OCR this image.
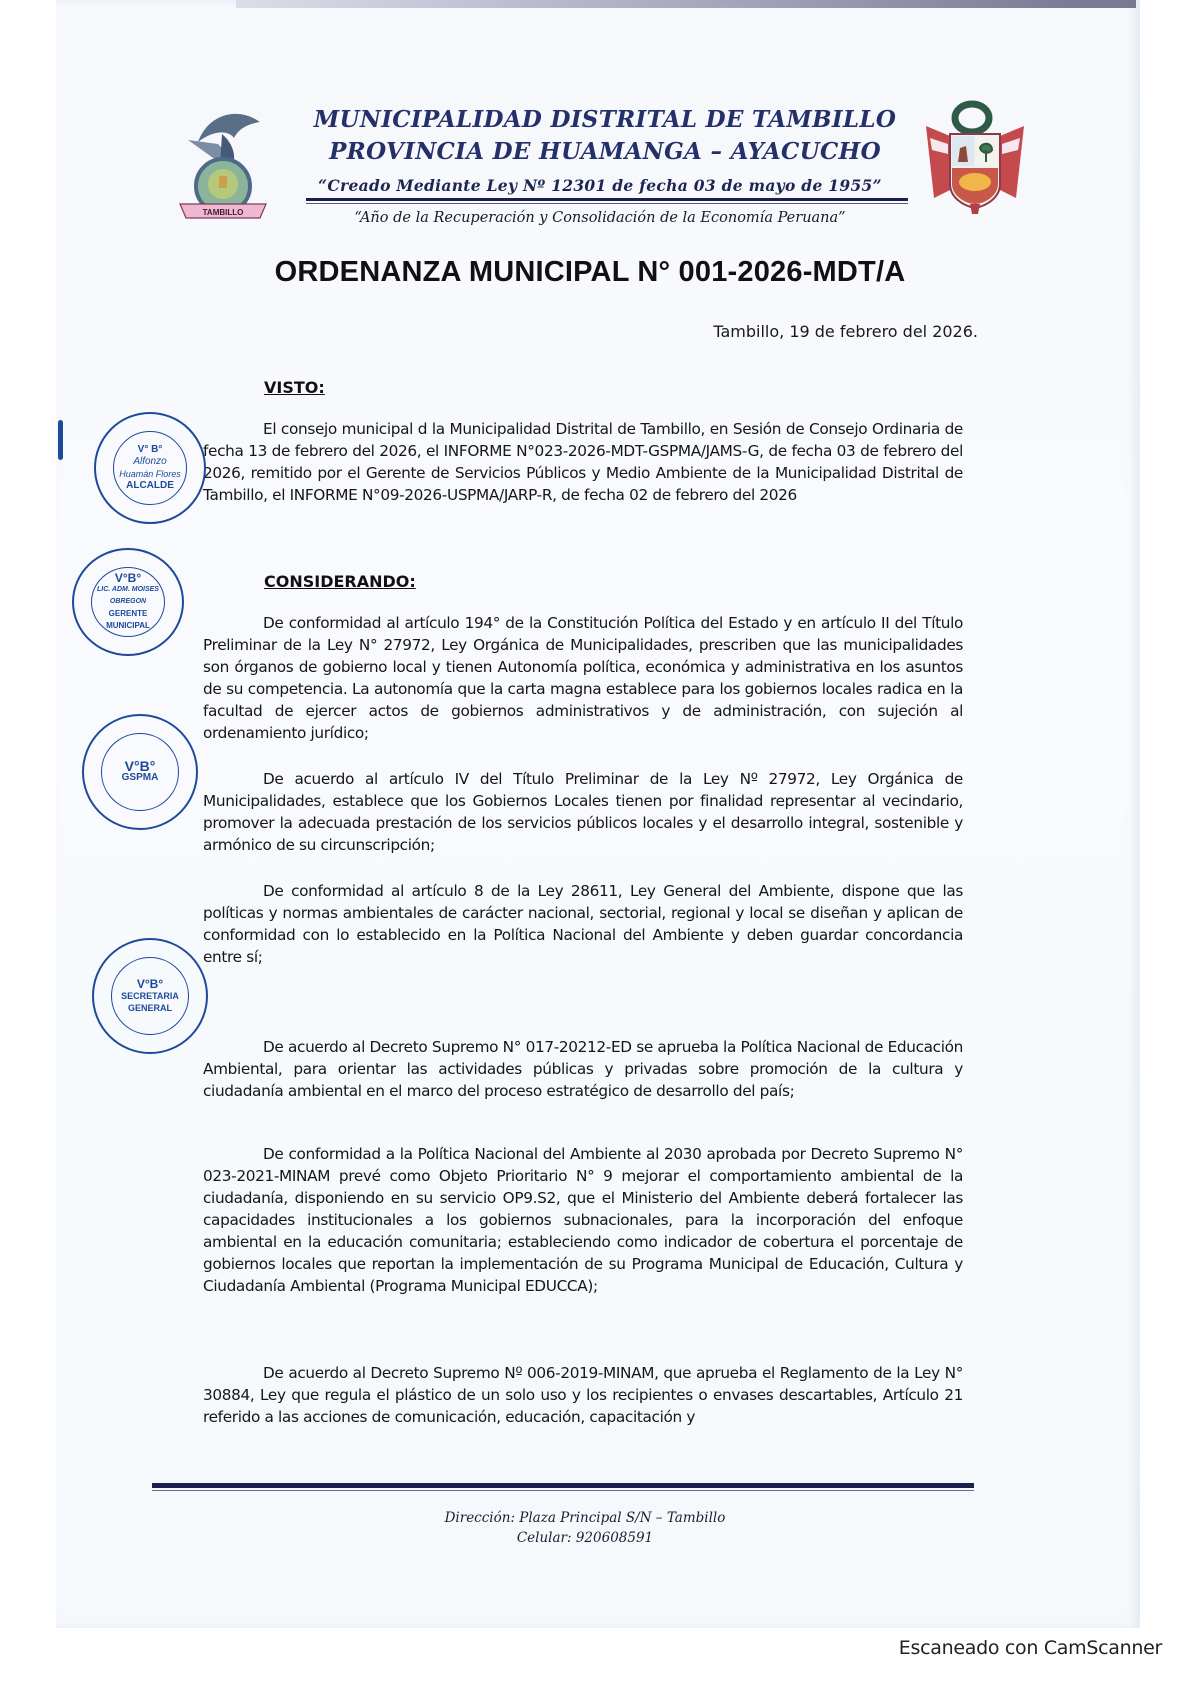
TAMBILLO
MUNICIPALIDAD DISTRITAL DE TAMBILLO
PROVINCIA DE HUAMANGA – AYACUCHO
“Creado Mediante Ley Nº 12301 de fecha 03 de mayo de 1955”
“Año de la Recuperación y Consolidación de la Economía Peruana”
ORDENANZA MUNICIPAL N° 001-2026-MDT/A
Tambillo, 19 de febrero del 2026.
VISTO:
El consejo municipal d la Municipalidad Distrital de Tambillo, en Sesión de Consejo Ordinaria de fecha 13 de febrero del 2026, el INFORME N°023-2026-MDT-GSPMA/JAMS-G, de fecha 03 de febrero del 2026, remitido por el Gerente de Servicios Públicos y Medio Ambiente de la Municipalidad Distrital de Tambillo, el INFORME N°09-2026-USPMA/JARP-R, de fecha 02 de febrero del 2026
CONSIDERANDO:
De conformidad al artículo 194° de la Constitución Política del Estado y en artículo II del Título Preliminar de la Ley N° 27972, Ley Orgánica de Municipalidades, prescriben que las municipalidades son órganos de gobierno local y tienen Autonomía política, económica y administrativa en los asuntos de su competencia. La autonomía que la carta magna establece para los gobiernos locales radica en la facultad de ejercer actos de gobiernos administrativos y de administración, con sujeción al ordenamiento jurídico;
De acuerdo al artículo IV del Título Preliminar de la Ley Nº 27972, Ley Orgánica de Municipalidades, establece que los Gobiernos Locales tienen por finalidad representar al vecindario, promover la adecuada prestación de los servicios públicos locales y el desarrollo integral, sostenible y armónico de su circunscripción;
De conformidad al artículo 8 de la Ley 28611, Ley General del Ambiente, dispone que las políticas y normas ambientales de carácter nacional, sectorial, regional y local se diseñan y aplican de conformidad con lo establecido en la Política Nacional del Ambiente y deben guardar concordancia entre sí;
De acuerdo al Decreto Supremo N° 017-20212-ED se aprueba la Política Nacional de Educación Ambiental, para orientar las actividades públicas y privadas sobre promoción de la cultura y ciudadanía ambiental en el marco del proceso estratégico de desarrollo del país;
De conformidad a la Política Nacional del Ambiente al 2030 aprobada por Decreto Supremo N° 023-2021-MINAM prevé como Objeto Prioritario N° 9 mejorar el comportamiento ambiental de la ciudadanía, disponiendo en su servicio OP9.S2, que el Ministerio del Ambiente deberá fortalecer las capacidades institucionales a los gobiernos subnacionales, para la incorporación del enfoque ambiental en la educación comunitaria; estableciendo como indicador de cobertura el porcentaje de gobiernos locales que reportan la implementación de su Programa Municipal de Educación, Cultura y Ciudadanía Ambiental (Programa Municipal EDUCCA);
De acuerdo al Decreto Supremo Nº 006-2019-MINAM, que aprueba el Reglamento de la Ley N° 30884, Ley que regula el plástico de un solo uso y los recipientes o envases descartables, Artículo 21 referido a las acciones de comunicación, educación, capacitación y
V° B°
Alfonzo
Huamán Flores
ALCALDE
V°B°
LIC. ADM. MOISES
OBREGON
GERENTE
MUNICIPAL
V°B°
GSPMA
V°B°
SECRETARIA
GENERAL
Dirección: Plaza Principal S/N – Tambillo
Celular: 920608591
Escaneado con CamScanner
